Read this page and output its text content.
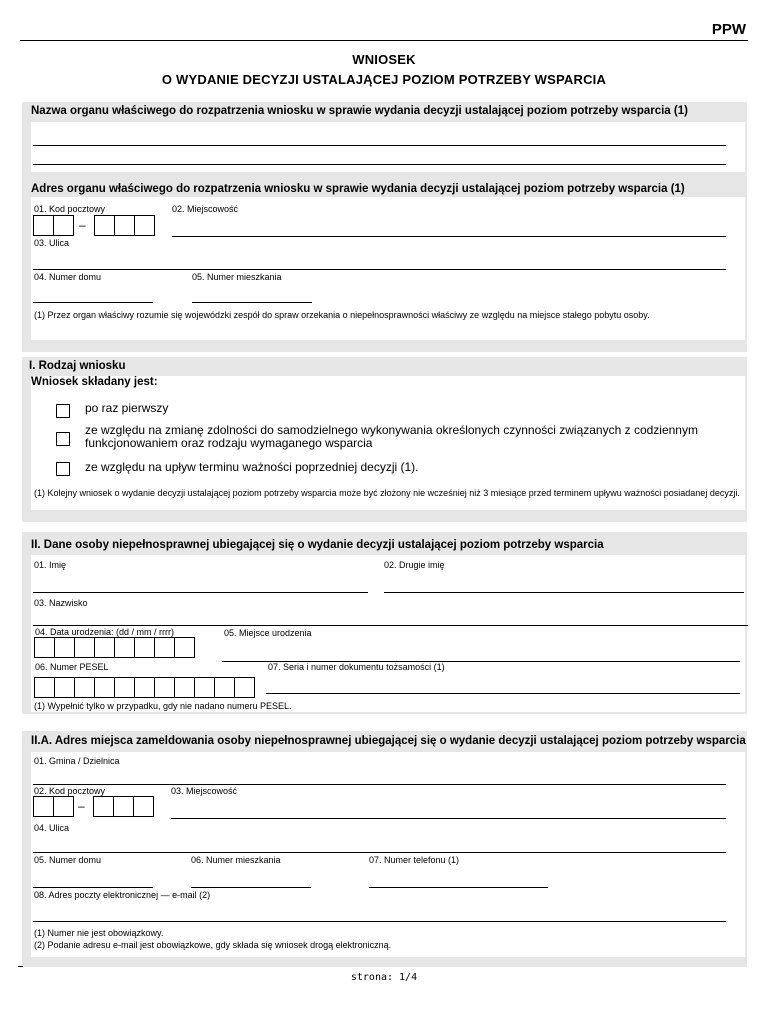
PPW
WNIOSEK
O WYDANIE DECYZJI USTALAJĄCEJ POZIOM POTRZEBY WSPARCIA
Nazwa organu właściwego do rozpatrzenia wniosku w sprawie wydania decyzji ustalającej poziom potrzeby wsparcia (1)
Adres organu właściwego do rozpatrzenia wniosku w sprawie wydania decyzji ustalającej poziom potrzeby wsparcia (1)
01. Kod pocztowy
–
02. Miejscowość
03. Ulica
04. Numer domu	05. Numer mieszkania
(1) Przez organ właściwy rozumie się wojewódzki zespół do spraw orzekania o niepełnosprawności właściwy ze względu na miejsce stałego pobytu osoby.
I. Rodzaj wniosku
Wniosek składany jest:
po raz pierwszy
ze względu na zmianę zdolności do samodzielnego wykonywania określonych czynności związanych z codziennym funkcjonowaniem oraz rodzaju wymaganego wsparcia
ze względu na upływ terminu ważności poprzedniej decyzji (1).
(1) Kolejny wniosek o wydanie decyzji ustalającej poziom potrzeby wsparcia może być złożony nie wcześniej niż 3 miesiące przed terminem upływu ważności posiadanej decyzji.
II. Dane osoby niepełnosprawnej ubiegającej się o wydanie decyzji ustalającej poziom potrzeby wsparcia
01. Imię	02. Drugie imię
03. Nazwisko
04. Data urodzenia: (dd / mm / rrrr)	05. Miejsce urodzenia
06. Numer PESEL	07. Seria i numer dokumentu tożsamości (1)
(1) Wypełnić tylko w przypadku, gdy nie nadano numeru PESEL.
II.A. Adres miejsca zameldowania osoby niepełnosprawnej ubiegającej się o wydanie decyzji ustalającej poziom potrzeby wsparcia
01. Gmina / Dzielnica
02. Kod pocztowy
–
03. Miejscowość
04. Ulica
05. Numer domu	06. Numer mieszkania	07. Numer telefonu (1)
08. Adres poczty elektronicznej — e-mail (2)
(1) Numer nie jest obowiązkowy.
(2) Podanie adresu e-mail jest obowiązkowe, gdy składa się wniosek drogą elektroniczną.
strona: 1/4
